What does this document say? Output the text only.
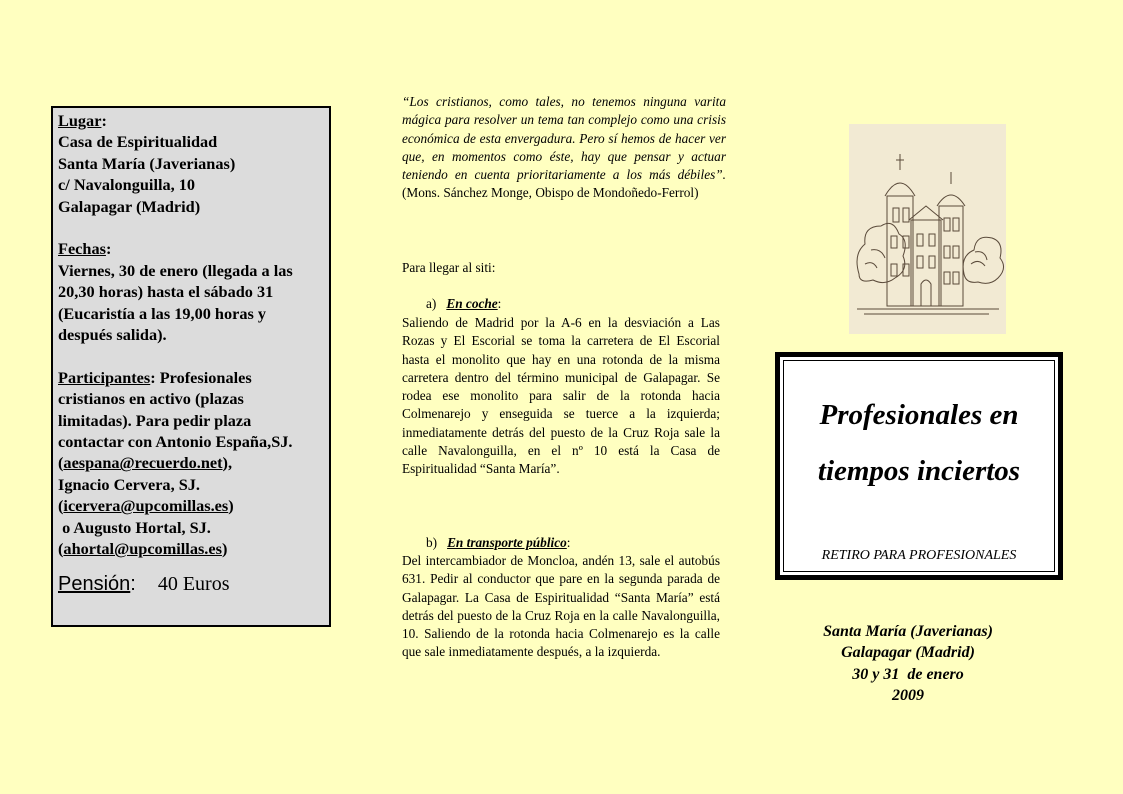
Lugar:

Casa de Espiritualidad

Santa María (Javerianas)

c/ Navalonguilla, 10

Galapagar (Madrid)

Fechas:

Viernes, 30 de enero (llegada a las

20,30 horas) hasta el sábado 31

(Eucaristía a las 19,00 horas y

después salida).

Participantes: Profesionales

cristianos en activo (plazas

limitadas). Para pedir plaza

contactar con Antonio España,SJ.

(aespana@recuerdo.net),

Ignacio Cervera, SJ.

(icervera@upcomillas.es)

o Augusto Hortal, SJ.

(ahortal@upcomillas.es)

Pensión: 40 Euros

“Los cristianos, como tales, no tenemos ninguna varita mágica para resolver un tema tan complejo como una crisis económica de esta envergadura. Pero sí hemos de hacer ver que, en momentos como éste, hay que pensar y actuar teniendo en cuenta prioritariamente a los más débiles”. (Mons. Sánchez Monge, Obispo de Mondoñedo-Ferrol)

Para llegar al siti:

a) En coche:

Saliendo de Madrid por la A-6 en la desviación a Las Rozas y El Escorial se toma la carretera de El Escorial hasta el monolito que hay en una rotonda de la misma carretera dentro del término municipal de Galapagar. Se rodea ese monolito para salir de la rotonda hacia Colmenarejo y enseguida se tuerce a la izquierda; inmediatamente detrás del puesto de la Cruz Roja sale la calle Navalonguilla, en el nº 10 está la Casa de Espiritualidad “Santa María”.

b) En transporte público:

Del intercambiador de Moncloa, andén 13, sale el autobús 631. Pedir al conductor que pare en la segunda parada de Galapagar. La Casa de Espiritualidad “Santa María” está detrás del puesto de la Cruz Roja en la calle Navalonguilla, 10. Saliendo de la rotonda hacia Colmenarejo es la calle que sale inmediatamente después, a la izquierda.

Profesionales en
tiempos inciertos
RETIRO PARA PROFESIONALES

Santa María (Javerianas)

Galapagar (Madrid)

30 y 31  de enero

2009
